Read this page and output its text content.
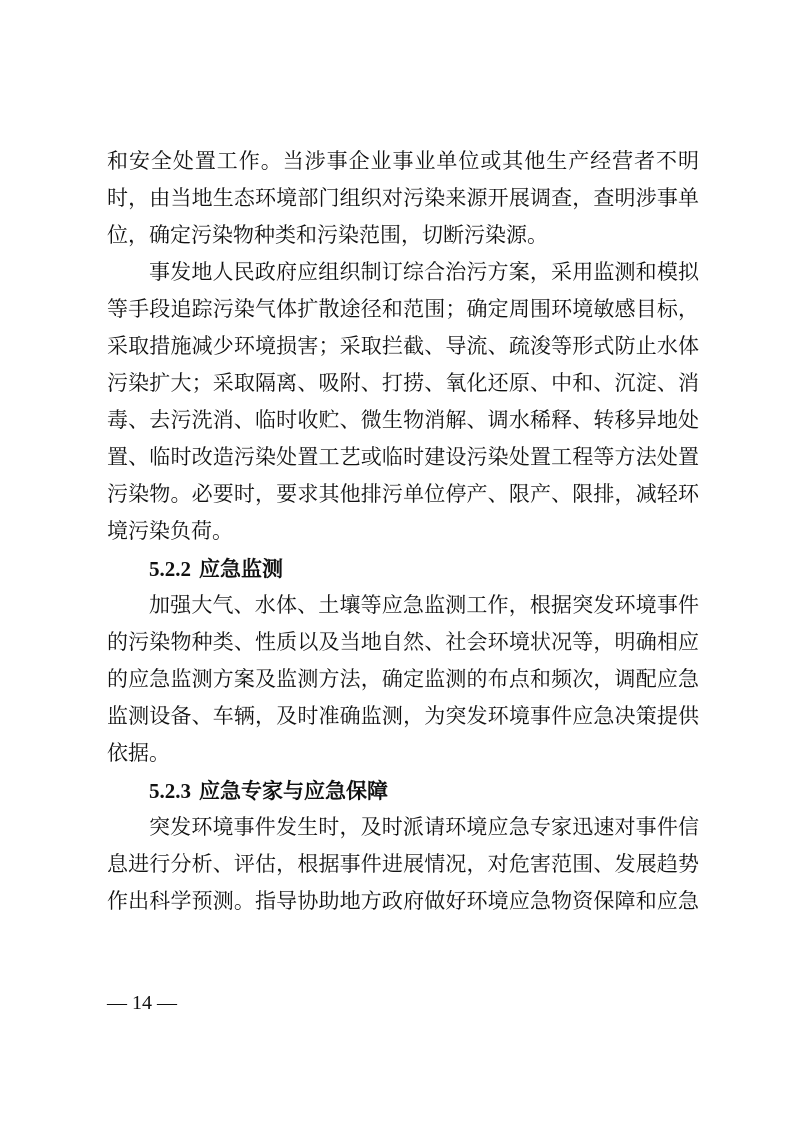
和安全处置工作。当涉事企业事业单位或其他生产经营者不明
时，由当地生态环境部门组织对污染来源开展调查，查明涉事单
位，确定污染物种类和污染范围，切断污染源。
事发地人民政府应组织制订综合治污方案，采用监测和模拟
等手段追踪污染气体扩散途径和范围；确定周围环境敏感目标，
采取措施减少环境损害；采取拦截、导流、疏浚等形式防止水体
污染扩大；采取隔离、吸附、打捞、氧化还原、中和、沉淀、消
毒、去污洗消、临时收贮、微生物消解、调水稀释、转移异地处
置、临时改造污染处置工艺或临时建设污染处置工程等方法处置
污染物。必要时，要求其他排污单位停产、限产、限排，减轻环
境污染负荷。
5.2.2 应急监测
加强大气、水体、土壤等应急监测工作，根据突发环境事件
的污染物种类、性质以及当地自然、社会环境状况等，明确相应
的应急监测方案及监测方法，确定监测的布点和频次，调配应急
监测设备、车辆，及时准确监测，为突发环境事件应急决策提供
依据。
5.2.3 应急专家与应急保障
突发环境事件发生时，及时派请环境应急专家迅速对事件信
息进行分析、评估，根据事件进展情况，对危害范围、发展趋势
作出科学预测。指导协助地方政府做好环境应急物资保障和应急
— 14 —
